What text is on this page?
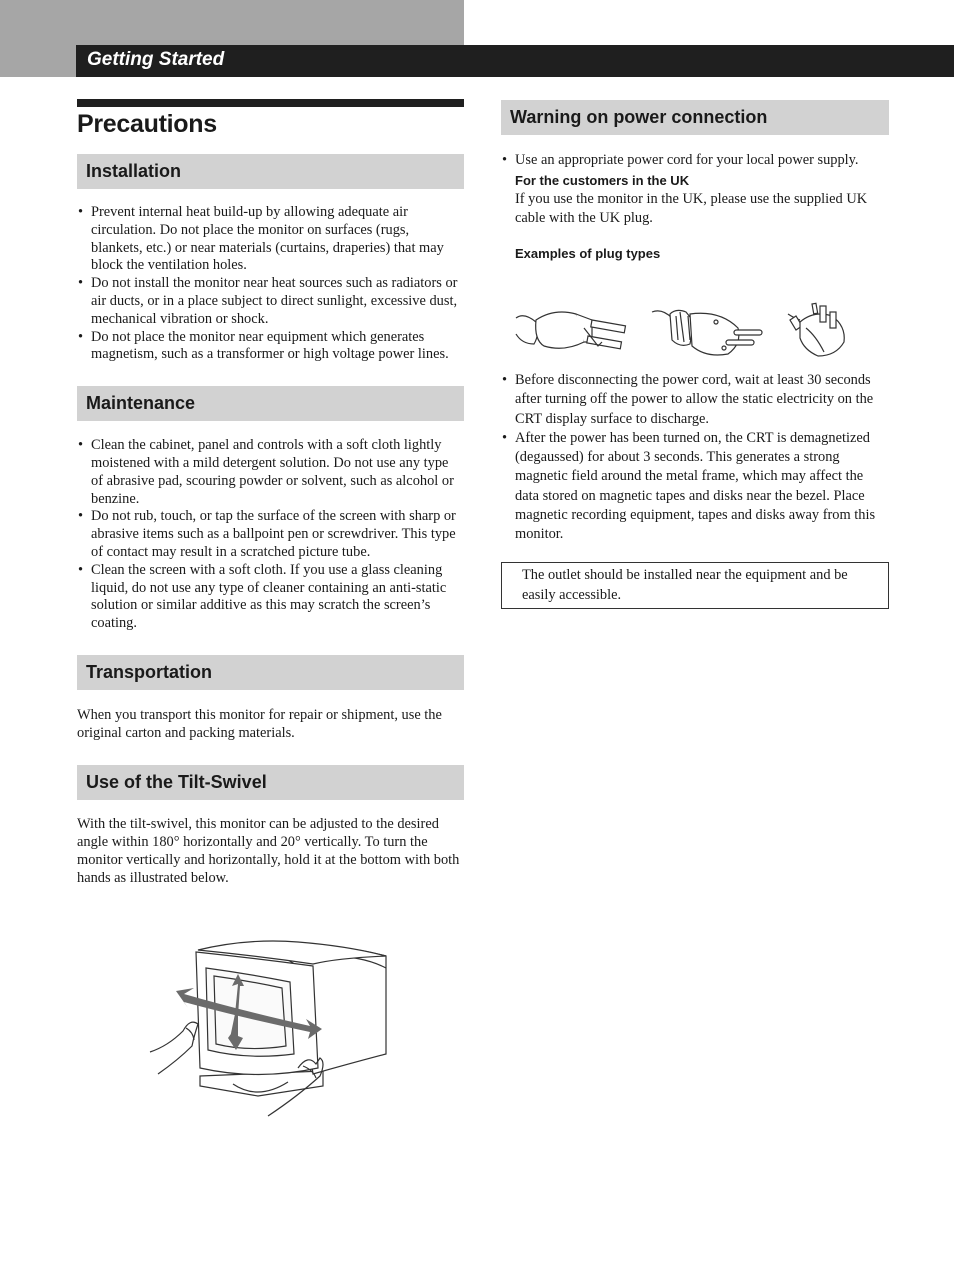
Getting Started
Precautions
Installation
• Prevent internal heat build-up by allowing adequate air circulation. Do not place the monitor on surfaces (rugs, blankets, etc.) or near materials (curtains, draperies) that may block the ventilation holes.
• Do not install the monitor near heat sources such as radiators or air ducts, or in a place subject to direct sunlight, excessive dust, mechanical vibration or shock.
• Do not place the monitor near equipment which generates magnetism, such as a transformer or high voltage power lines.
Maintenance
• Clean the cabinet, panel and controls with a soft cloth lightly moistened with a mild detergent solution. Do not use any type of abrasive pad, scouring powder or solvent, such as alcohol or benzine.
• Do not rub, touch, or tap the surface of the screen with sharp or abrasive items such as a ballpoint pen or screwdriver. This type of contact may result in a scratched picture tube.
• Clean the screen with a soft cloth. If you use a glass cleaning liquid, do not use any type of cleaner containing an anti-static solution or similar additive as this may scratch the screen’s coating.
Transportation

When you transport this monitor for repair or shipment, use the original carton and packing materials.

Use of the Tilt-Swivel

With the tilt-swivel, this monitor can be adjusted to the desired angle within 180° horizontally and 20° vertically. To turn the monitor vertically and horizontally, hold it at the bottom with both hands as illustrated below.

Warning on power connection
• Use an appropriate power cord for your local power supply.
For the customers in the UK
If you use the monitor in the UK, please use the supplied UK cable with the UK plug.
Examples of plug types
• Before disconnecting the power cord, wait at least 30 seconds after turning off the power to allow the static electricity on the CRT display surface to discharge.
• After the power has been turned on, the CRT is demagnetized (degaussed) for about 3 seconds. This generates a strong magnetic field around the metal frame, which may affect the data stored on magnetic tapes and disks near the bezel. Place magnetic recording equipment, tapes and disks away from this monitor.
The outlet should be installed near the equipment and be easily accessible.
